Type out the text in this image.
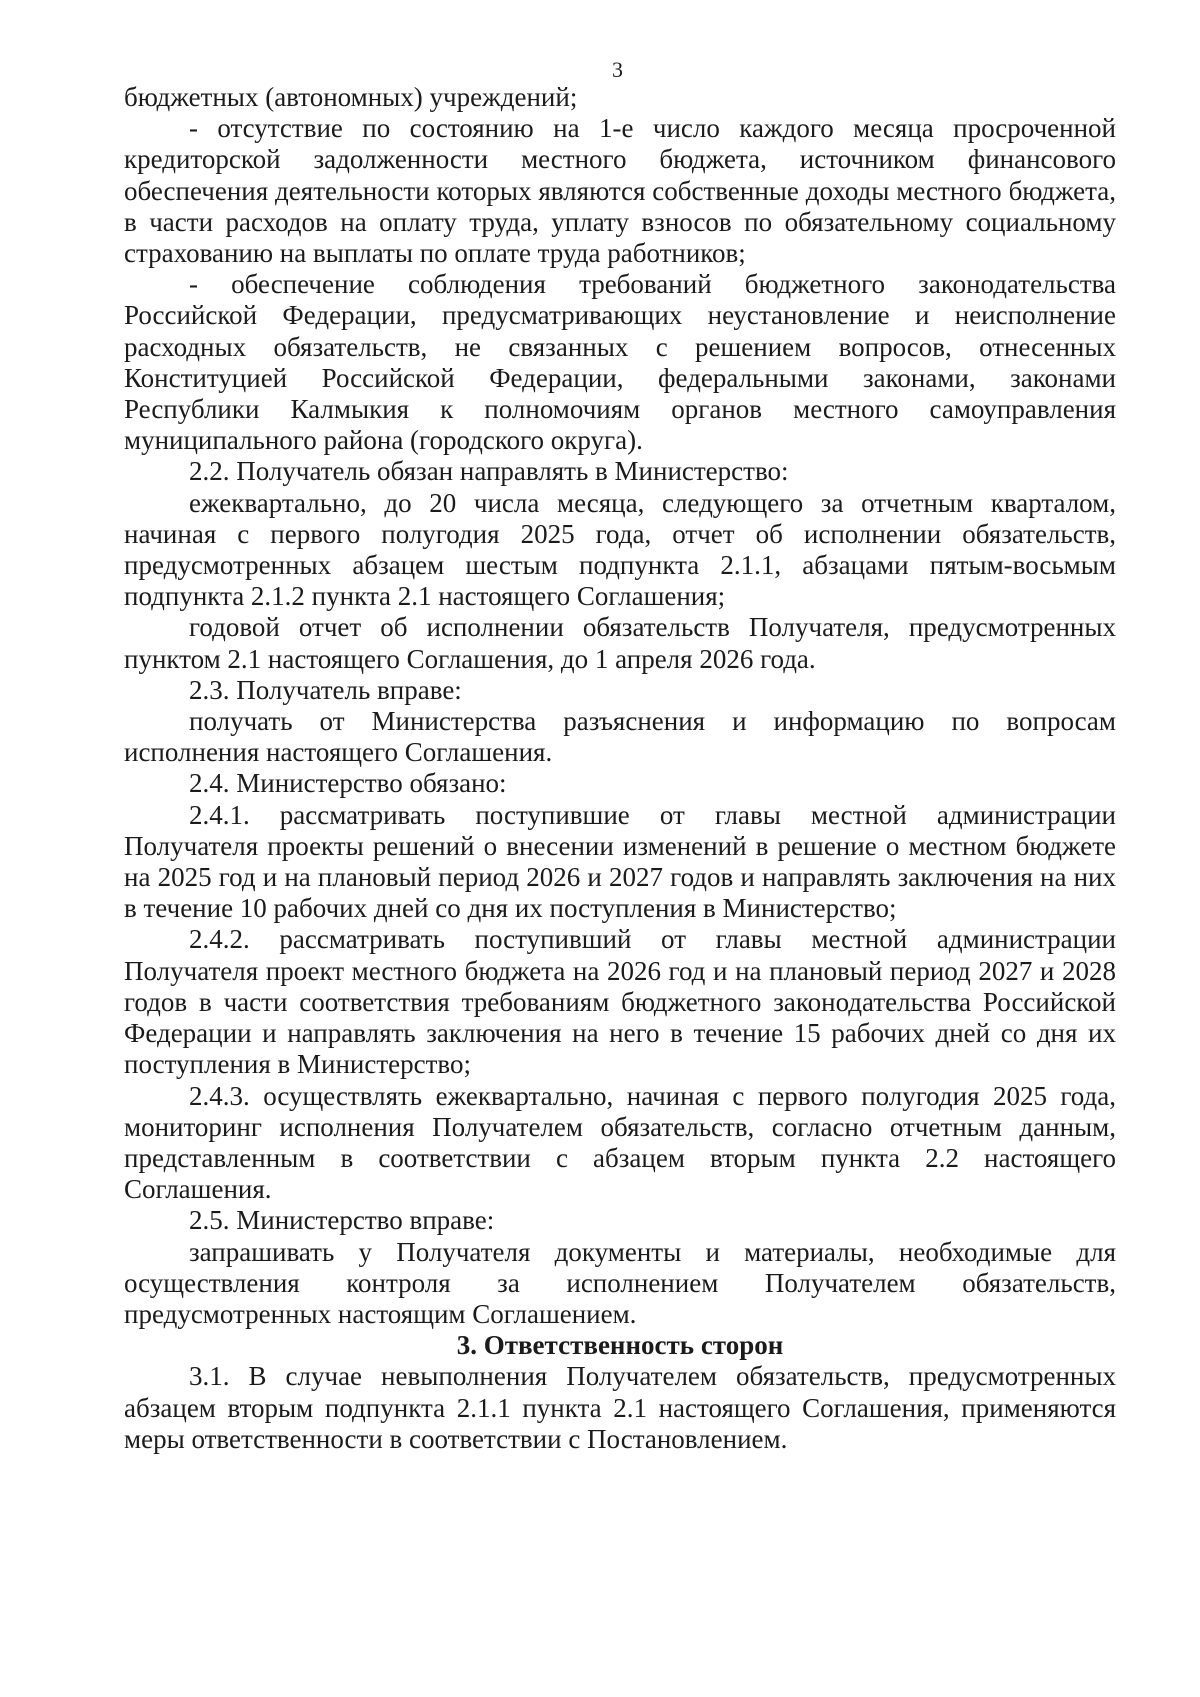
3

бюджетных (автономных) учреждений;

- отсутствие по состоянию на 1-е число каждого месяца просроченной кредиторской задолженности местного бюджета, источником финансового обеспечения деятельности которых являются собственные доходы местного бюджета, в части расходов на оплату труда, уплату взносов по обязательному социальному страхованию на выплаты по оплате труда работников;

- обеспечение соблюдения требований бюджетного законодательства Российской Федерации, предусматривающих неустановление и неисполнение расходных обязательств, не связанных с решением вопросов, отнесенных Конституцией Российской Федерации, федеральными законами, законами Республики Калмыкия к полномочиям органов местного самоуправления муниципального района (городского округа).

2.2. Получатель обязан направлять в Министерство:

ежеквартально, до 20 числа месяца, следующего за отчетным кварталом, начиная с первого полугодия 2025 года, отчет об исполнении обязательств, предусмотренных абзацем шестым подпункта 2.1.1, абзацами пятым-восьмым подпункта 2.1.2 пункта 2.1 настоящего Соглашения;

годовой отчет об исполнении обязательств Получателя, предусмотренных пунктом 2.1 настоящего Соглашения, до 1 апреля 2026 года.

2.3. Получатель вправе:

получать от Министерства разъяснения и информацию по вопросам исполнения настоящего Соглашения.

2.4. Министерство обязано:

2.4.1. рассматривать поступившие от главы местной администрации Получателя проекты решений о внесении изменений в решение о местном бюджете на 2025 год и на плановый период 2026 и 2027 годов и направлять заключения на них в течение 10 рабочих дней со дня их поступления в Министерство;

2.4.2. рассматривать поступивший от главы местной администрации Получателя проект местного бюджета на 2026 год и на плановый период 2027 и 2028 годов в части соответствия требованиям бюджетного законодательства Российской Федерации и направлять заключения на него в течение 15 рабочих дней со дня их поступления в Министерство;

2.4.3. осуществлять ежеквартально, начиная с первого полугодия 2025 года, мониторинг исполнения Получателем обязательств, согласно отчетным данным, представленным в соответствии с абзацем вторым пункта 2.2 настоящего Соглашения.

2.5. Министерство вправе:

запрашивать у Получателя документы и материалы, необходимые для осуществления контроля за исполнением Получателем обязательств, предусмотренных настоящим Соглашением.

3. Ответственность сторон

3.1. В случае невыполнения Получателем обязательств, предусмотренных абзацем вторым подпункта 2.1.1 пункта 2.1 настоящего Соглашения, применяются меры ответственности в соответствии с Постановлением.
